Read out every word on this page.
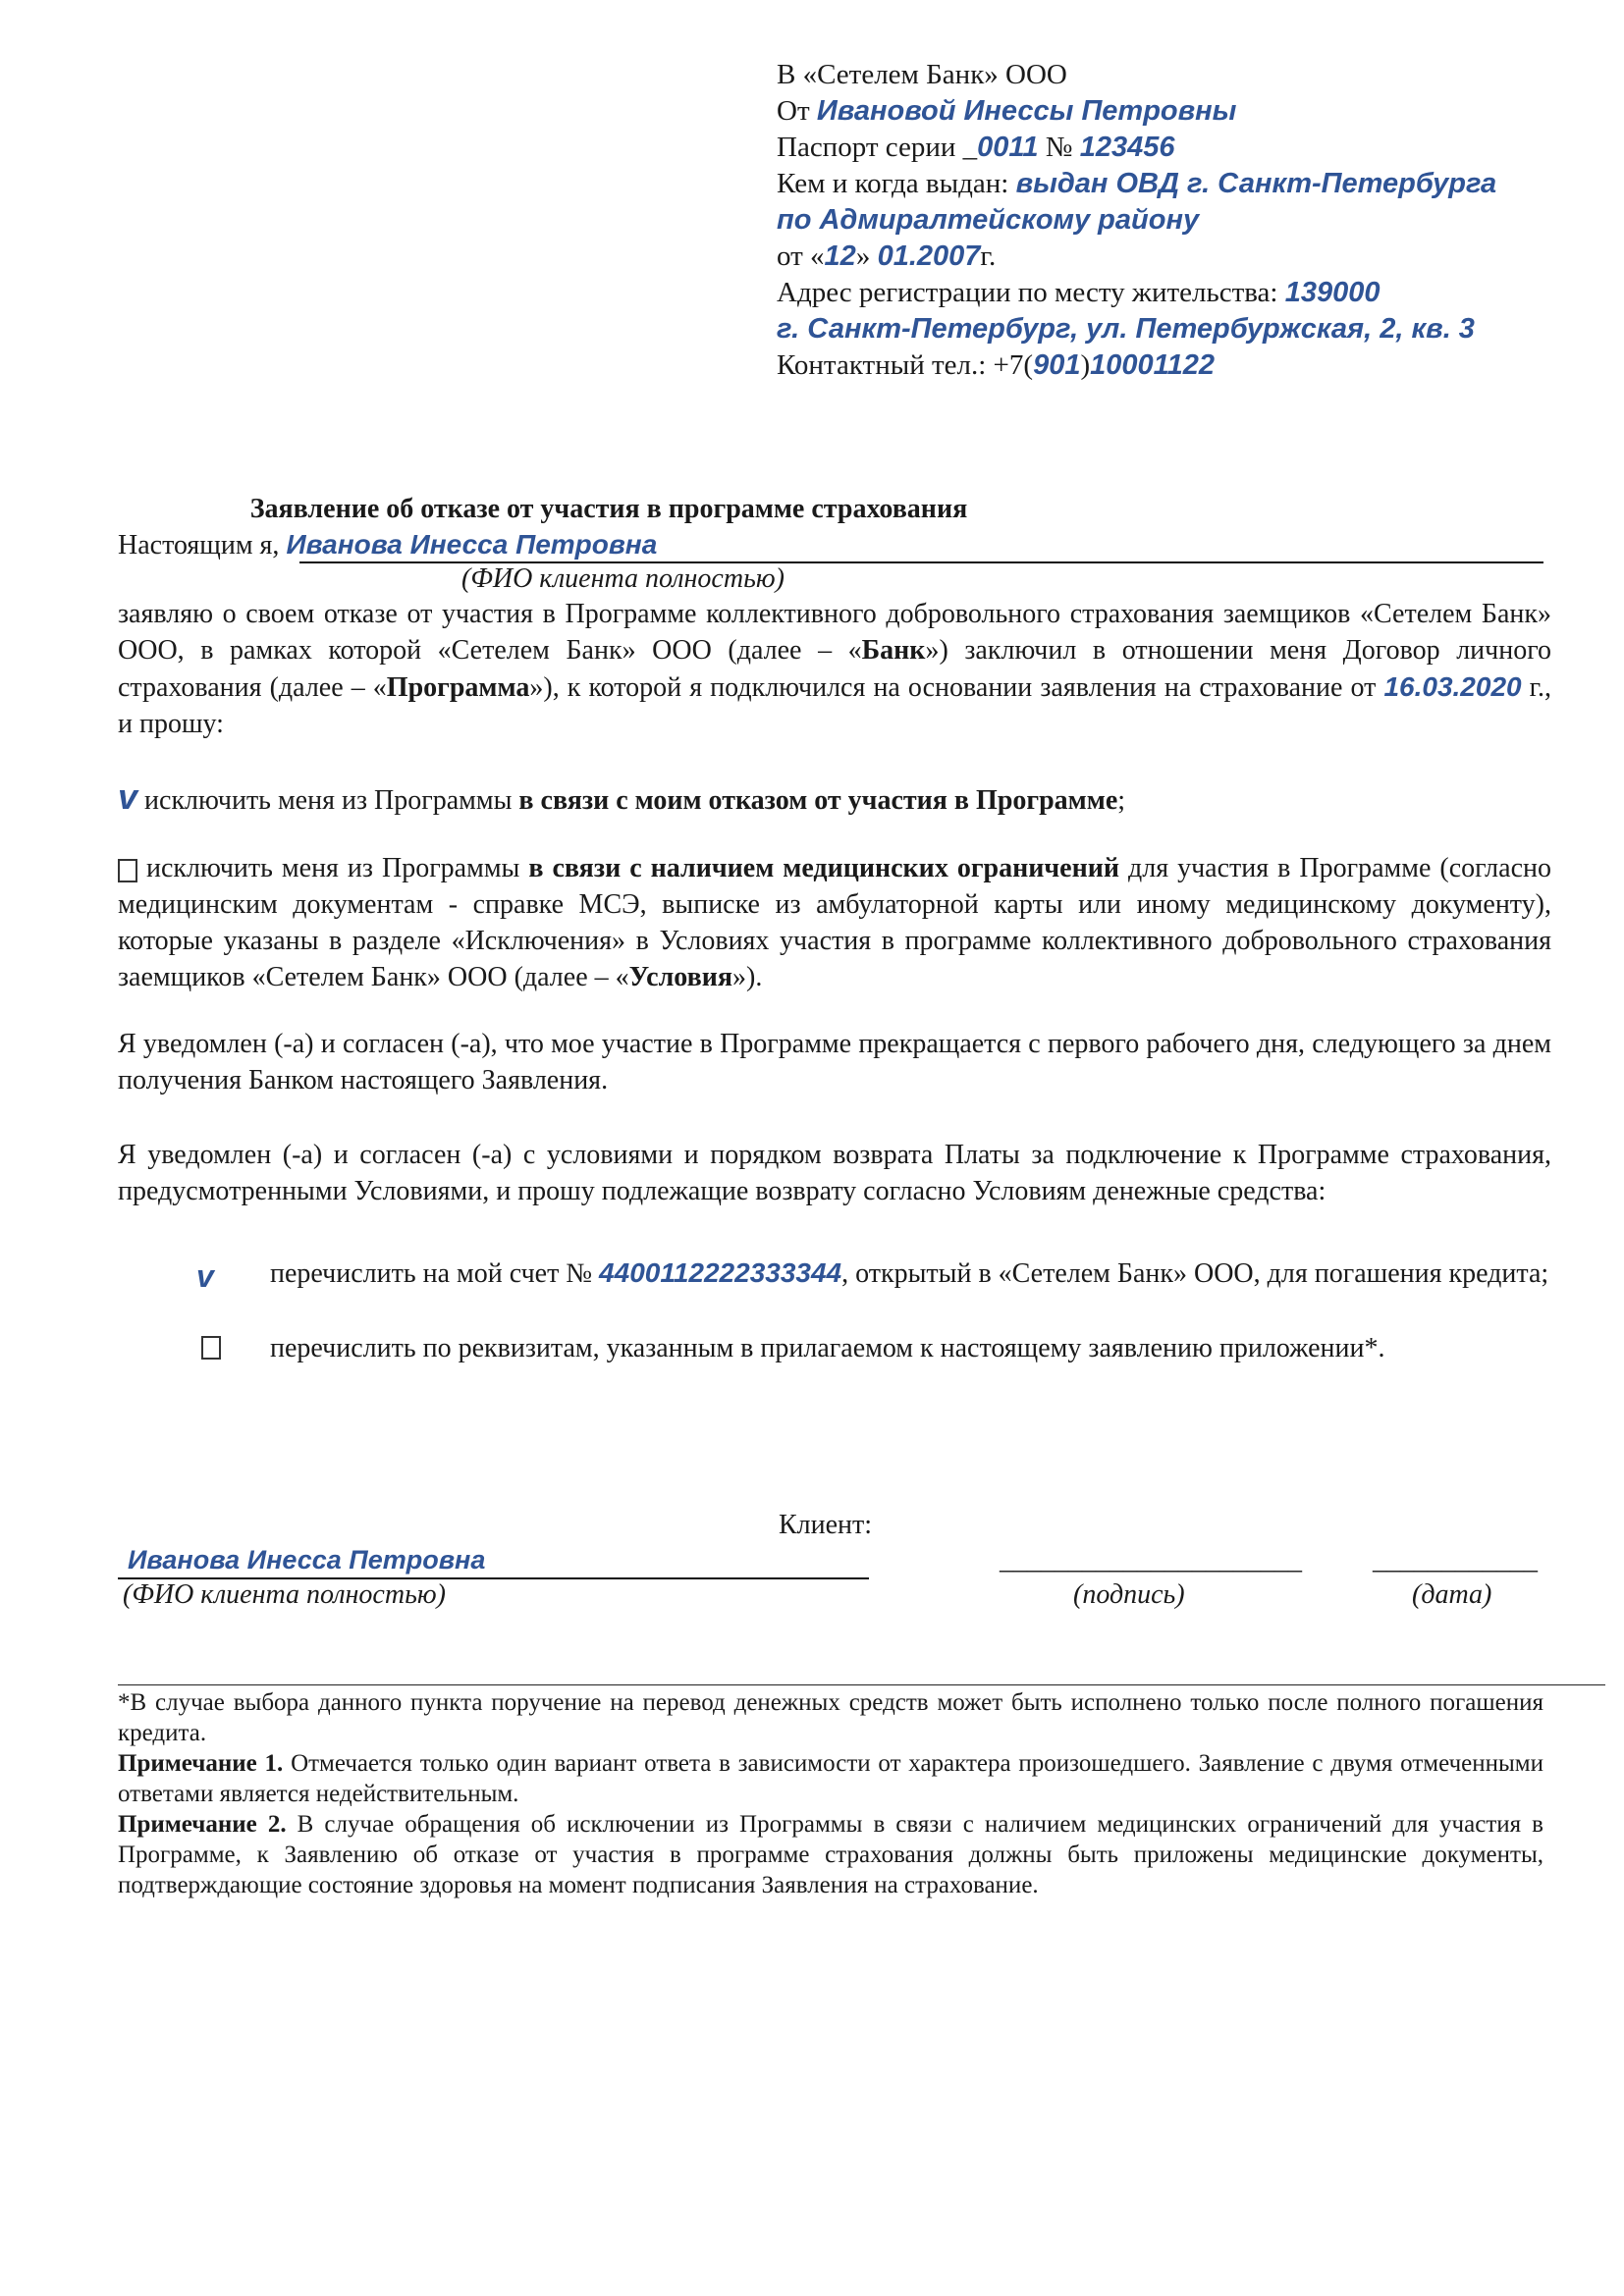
В «Сетелем Банк» ООО
От Ивановой Инессы Петровны
Паспорт серии _0011 № 123456
Кем и когда выдан: выдан ОВД г. Санкт-Петербурга
по Адмиралтейскому району
от «12» 01.2007г.
Адрес регистрации по месту жительства: 139000
г. Санкт-Петербург, ул. Петербуржская, 2, кв. 3
Контактный тел.: +7(901)10001122
Заявление об отказе от участия в программе страхования
Настоящим я, Иванова Инесса Петровна
(ФИО клиента полностью)

заявляю о своем отказе от участия в Программе коллективного добровольного страхования заемщиков «Сетелем Банк» ООО, в рамках которой «Сетелем Банк» ООО (далее – «Банк») заключил в отношении меня Договор личного страхования (далее – «Программа»), к которой я подключился на основании заявления на страхование от 16.03.2020 г., и прошу:

v исключить меня из Программы в связи с моим отказом от участия в Программе;

исключить меня из Программы в связи с наличием медицинских ограничений для участия в Программе (согласно медицинским документам - справке МСЭ, выписке из амбулаторной карты или иному медицинскому документу), которые указаны в разделе «Исключения» в Условиях участия в программе коллективного добровольного страхования заемщиков «Сетелем Банк» ООО (далее – «Условия»).

Я уведомлен (-а) и согласен (-а), что мое участие в Программе прекращается с первого рабочего дня, следующего за днем получения Банком настоящего Заявления.
Я уведомлен (-а) и согласен (-а) с условиями и порядком возврата Платы за подключение к Программе страхования, предусмотренными Условиями, и прошу подлежащие возврату согласно Условиям денежные средства:
v перечислить на мой счет № 4400112222333344, открытый в «Сетелем Банк» ООО, для погашения кредита;
перечислить по реквизитам, указанным в прилагаемом к настоящему заявлению приложении*.
Клиент:
Иванова Инесса Петровна
(ФИО клиента полностью)
______________________
(подпись)
____________
(дата)

*В случае выбора данного пункта поручение на перевод денежных средств может быть исполнено только после полного погашения кредита.

Примечание 1. Отмечается только один вариант ответа в зависимости от характера произошедшего. Заявление с двумя отмеченными ответами является недействительным.

Примечание 2. В случае обращения об исключении из Программы в связи с наличием медицинских ограничений для участия в Программе, к Заявлению об отказе от участия в программе страхования должны быть приложены медицинские документы, подтверждающие состояние здоровья на момент подписания Заявления на страхование.
